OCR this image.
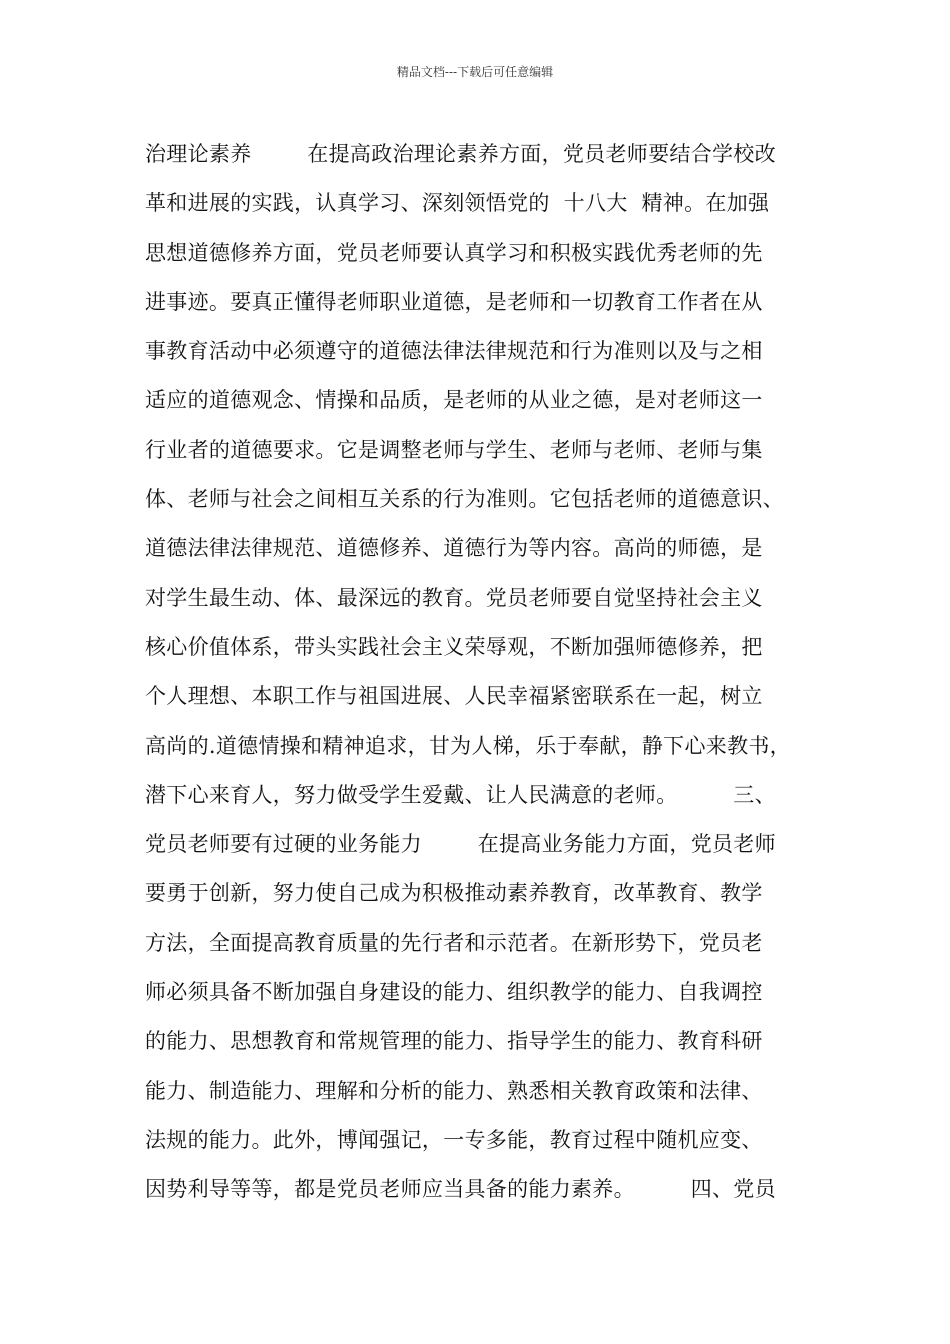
精品文档---下载后可任意编辑
治理论素养        在提高政治理论素养方面，党员老师要结合学校改
革和进展的实践，认真学习、深刻领悟党的  十八大  精神。在加强
思想道德修养方面，党员老师要认真学习和积极实践优秀老师的先
进事迹。要真正懂得老师职业道德，是老师和一切教育工作者在从
事教育活动中必须遵守的道德法律法律规范和行为准则以及与之相
适应的道德观念、情操和品质，是老师的从业之德，是对老师这一
行业者的道德要求。它是调整老师与学生、老师与老师、老师与集
体、老师与社会之间相互关系的行为准则。它包括老师的道德意识、
道德法律法律规范、道德修养、道德行为等内容。高尚的师德，是
对学生最生动、体、最深远的教育。党员老师要自觉坚持社会主义
核心价值体系，带头实践社会主义荣辱观，不断加强师德修养，把
个人理想、本职工作与祖国进展、人民幸福紧密联系在一起，树立
高尚的.道德情操和精神追求，甘为人梯，乐于奉献，静下心来教书，
潜下心来育人，努力做受学生爱戴、让人民满意的老师。        三、
党员老师要有过硬的业务能力        在提高业务能力方面，党员老师
要勇于创新，努力使自己成为积极推动素养教育，改革教育、教学
方法，全面提高教育质量的先行者和示范者。在新形势下，党员老
师必须具备不断加强自身建设的能力、组织教学的能力、自我调控
的能力、思想教育和常规管理的能力、指导学生的能力、教育科研
能力、制造能力、理解和分析的能力、熟悉相关教育政策和法律、
法规的能力。此外，博闻强记，一专多能，教育过程中随机应变、
因势利导等等，都是党员老师应当具备的能力素养。        四、党员
